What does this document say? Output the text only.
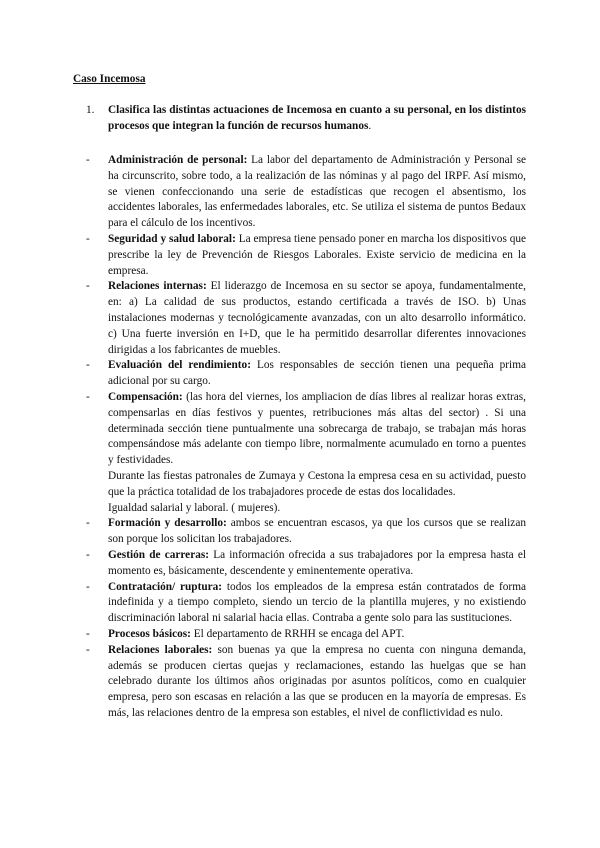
Caso Incemosa
1. Clasifica las distintas actuaciones de Incemosa en cuanto a su personal, en los distintos procesos que integran la función de recursos humanos.
- Administración de personal: La labor del departamento de Administración y Personal se ha circunscrito, sobre todo, a la realización de las nóminas y al pago del IRPF. Así mismo, se vienen confeccionando una serie de estadísticas que recogen el absentismo, los accidentes laborales, las enfermedades laborales, etc. Se utiliza el sistema de puntos Bedaux para el cálculo de los incentivos.
- Seguridad y salud laboral: La empresa tiene pensado poner en marcha los dispositivos que prescribe la ley de Prevención de Riesgos Laborales. Existe servicio de medicina en la empresa.
- Relaciones internas: El liderazgo de Incemosa en su sector se apoya, fundamentalmente, en: a) La calidad de sus productos, estando certificada a través de ISO. b) Unas instalaciones modernas y tecnológicamente avanzadas, con un alto desarrollo informático. c) Una fuerte inversión en I+D, que le ha permitido desarrollar diferentes innovaciones dirigidas a los fabricantes de muebles.
- Evaluación del rendimiento: Los responsables de sección tienen una pequeña prima adicional por su cargo.
- Compensación: (las hora del viernes, los ampliacion de días libres al realizar horas extras, compensarlas en días festivos y puentes, retribuciones más altas del sector) . Si una determinada sección tiene puntualmente una sobrecarga de trabajo, se trabajan más horas compensándose más adelante con tiempo libre, normalmente acumulado en torno a puentes y festividades.
Durante las fiestas patronales de Zumaya y Cestona la empresa cesa en su actividad, puesto que la práctica totalidad de los trabajadores procede de estas dos localidades.
Igualdad salarial y laboral. ( mujeres).
- Formación y desarrollo: ambos se encuentran escasos, ya que los cursos que se realizan son porque los solicitan los trabajadores.
- Gestión de carreras: La información ofrecida a sus trabajadores por la empresa hasta el momento es, básicamente, descendente y eminentemente operativa.
- Contratación/ ruptura: todos los empleados de la empresa están contratados de forma indefinida y a tiempo completo, siendo un tercio de la plantilla mujeres, y no existiendo discriminación laboral ni salarial hacia ellas. Contraba a gente solo para las sustituciones.
- Procesos básicos: El departamento de RRHH se encaga del APT.
- Relaciones laborales: son buenas ya que la empresa no cuenta con ninguna demanda, además se producen ciertas quejas y reclamaciones, estando las huelgas que se han celebrado durante los últimos años originadas por asuntos políticos, como en cualquier empresa, pero son escasas en relación a las que se producen en la mayoría de empresas. Es más, las relaciones dentro de la empresa son estables, el nivel de conflictividad es nulo.
